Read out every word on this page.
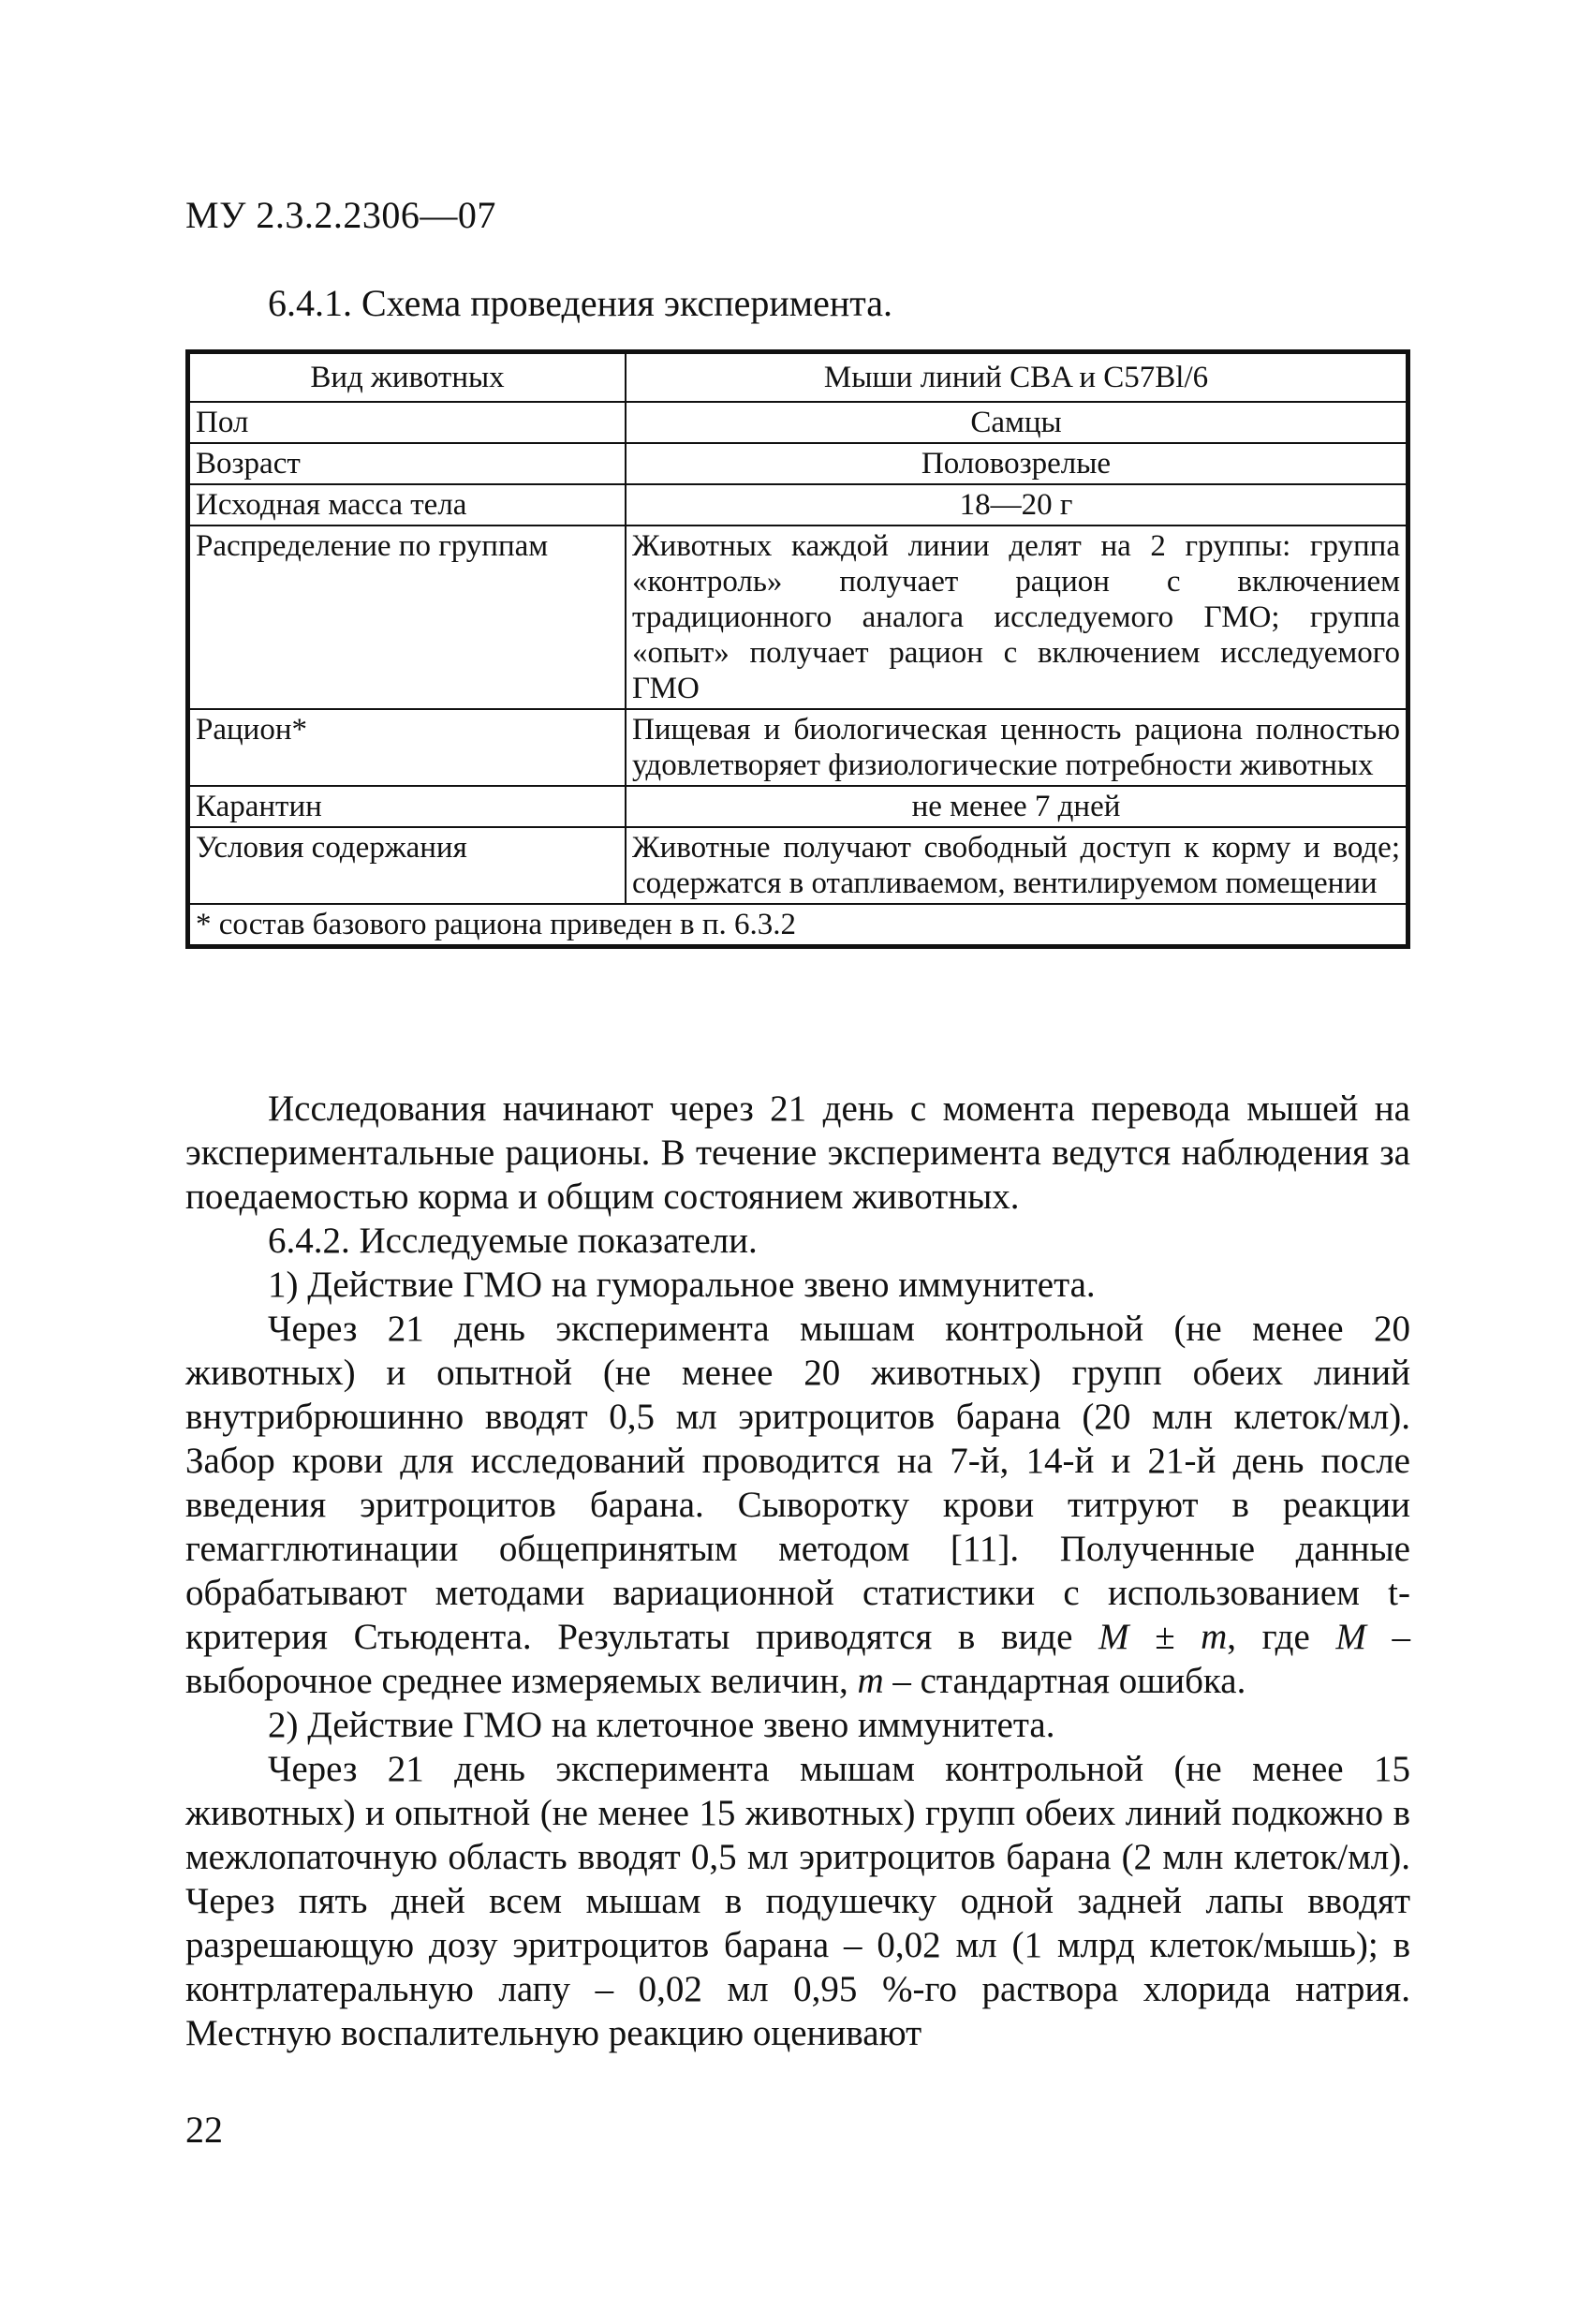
МУ 2.3.2.2306—07
6.4.1. Схема проведения эксперимента.
Вид животных	Мыши линий CBA и C57Bl/6
Пол	Самцы
Возраст	Половозрелые
Исходная масса тела	18—20 г
Распределение по группам	Животных каждой линии делят на 2 группы: группа «контроль» получает рацион с включением традиционного аналога исследуемого ГМО; группа «опыт» получает рацион с включением исследуемого ГМО
Рацион*	Пищевая и биологическая ценность рациона полностью удовлетворяет физиологические потребности животных
Карантин	не менее 7 дней
Условия содержания	Животные получают свободный доступ к корму и воде; содержатся в отапливаемом, вентилируемом помещении
* состав базового рациона приведен в п. 6.3.2	

Исследования начинают через 21 день с момента перевода мышей на экспериментальные рационы. В течение эксперимента ведутся наблюдения за поедаемостью корма и общим состоянием животных.

6.4.2. Исследуемые показатели.

1) Действие ГМО на гуморальное звено иммунитета.

Через 21 день эксперимента мышам контрольной (не менее 20 животных) и опытной (не менее 20 животных) групп обеих линий внутрибрюшинно вводят 0,5 мл эритроцитов барана (20 млн клеток/мл). Забор крови для исследований проводится на 7-й, 14-й и 21-й день после введения эритроцитов барана. Сыворотку крови титруют в реакции гемагглютинации общепринятым методом [11]. Полученные данные обрабатывают методами вариационной статистики с использованием t-критерия Стьюдента. Результаты приводятся в виде M ± m, где M – выборочное среднее измеряемых величин, m – стандартная ошибка.

2) Действие ГМО на клеточное звено иммунитета.

Через 21 день эксперимента мышам контрольной (не менее 15 животных) и опытной (не менее 15 животных) групп обеих линий подкожно в межлопаточную область вводят 0,5 мл эритроцитов барана (2 млн клеток/мл). Через пять дней всем мышам в подушечку одной задней лапы вводят разрешающую дозу эритроцитов барана – 0,02 мл (1 млрд клеток/мышь); в контрлатеральную лапу – 0,02 мл 0,95 %-го раствора хлорида натрия. Местную воспалительную реакцию оценивают

22
